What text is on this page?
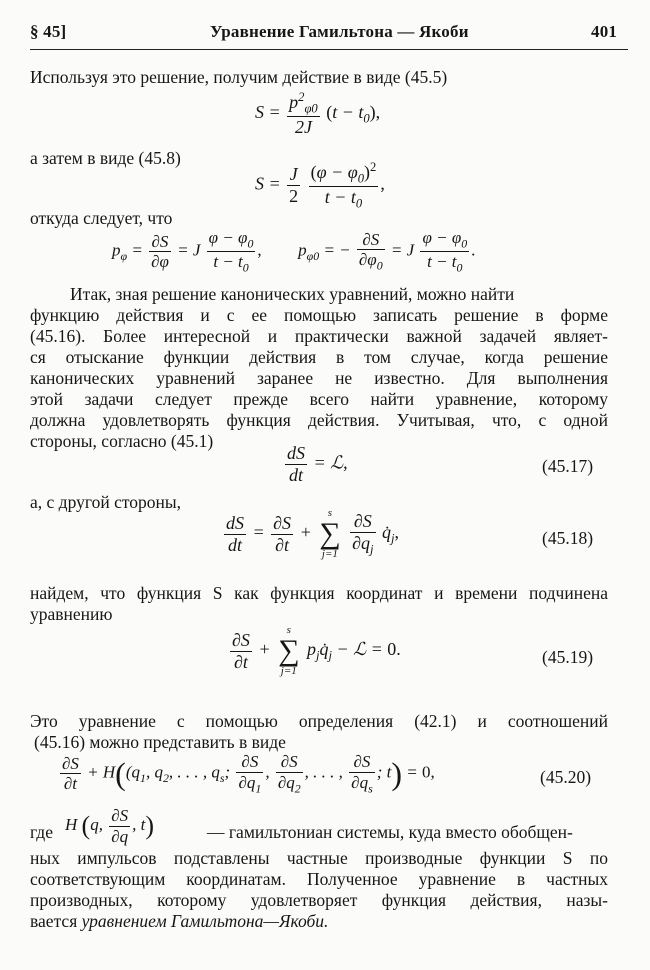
§ 45]	Уравнение Гамильтона — Якоби	401
Используя это решение, получим действие в виде (45.5)
$S = \frac{p^2_{\varphi 0}}{2J} (t - t_0)$,
а затем в виде (45.8)
$S = \frac{J}{2}$
$\frac{(\varphi - \varphi_0)^2}{t - t_0}$ ,
откуда следует, что
$p_\varphi = \frac{\partial S}{\partial\varphi} = J \frac{\varphi - \varphi_0}{t - t_0}$ ,  $p_{\varphi 0}$ = − $\frac{\partial S}{\partial\varphi_0} = J \frac{\varphi - \varphi_0}{t - t_0}$ .
Итак, зная решение канонических уравнений, можно найти
функцию действия и с ее помощью записать решение в форме
(45.16). Более интересной и практически важной задачей являет-
ся отыскание функции действия в том случае, когда решение
канонических уравнений заранее не известно. Для выполнения
этой задачи следует прежде всего найти уравнение, которому
должна удовлетворять функция действия. Учитывая, что, с одной
стороны, согласно (45.1)
$\frac{dS}{dt}$ = ℒ,	(45.17)
а, с другой стороны,
$\frac{dS}{dt} = \frac{\partial S}{\partial t}$ +
s
∑
j=1
$\frac{\partial S}{\partial q_j}$ $q̇_j$,	(45.18)
найдем, что функция S как функция координат и времени подчинена
уравнению
$\frac{\partial S}{\partial t}$ +
s
∑
j=1
$p_jq̇_j$ − ℒ = 0.	(45.19)
Это уравнение с помощью определения (42.1) и соотношений
(45.16) можно представить в виде
$\frac{\partial S}{\partial t} + H((q_1$, $q_2$, . . . , $q_s$; $\frac{\partial S}{\partial q_1}$ , $\frac{\partial S}{\partial q_2}$ , . . . , $\frac{\partial S}{\partial q_s}$ ; t) = 0,	(45.20)
где H (q, $\frac{\partial S}{\partial q}$ , t)	— гамильтониан системы, куда вместо обобщен-
ных импульсов подставлены частные производные функции S по
соответствующим координатам. Полученное уравнение в частных
производных, которому удовлетворяет функция действия, назы-
вается уравнением Гамильтона—Якоби.
